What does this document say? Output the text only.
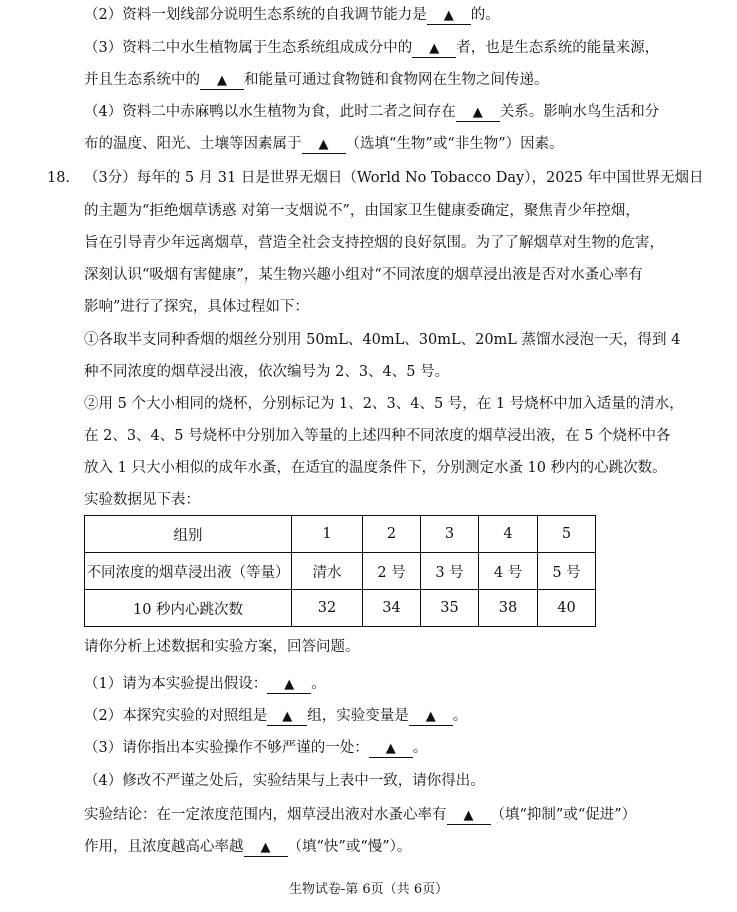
（2）资料一划线部分说明生态系统的自我调节能力是 ▲ 的。
（3）资料二中水生植物属于生态系统组成成分中的 ▲ 者，也是生态系统的能量来源，
并且生态系统中的 ▲ 和能量可通过食物链和食物网在生物之间传递。
（4）资料二中赤麻鸭以水生植物为食，此时二者之间存在 ▲ 关系。影响水鸟生活和分
布的温度、阳光、土壤等因素属于 ▲ （选填“生物”或“非生物”）因素。
18． （3分）每年的 5 月 31 日是世界无烟日（World No Tobacco Day），2025 年中国世界无烟日
的主题为“拒绝烟草诱惑 对第一支烟说不”，由国家卫生健康委确定，聚焦青少年控烟，
旨在引导青少年远离烟草，营造全社会支持控烟的良好氛围。为了了解烟草对生物的危害，
深刻认识“吸烟有害健康”，某生物兴趣小组对“不同浓度的烟草浸出液是否对水蚤心率有
影响”进行了探究，具体过程如下：
①各取半支同种香烟的烟丝分别用 50mL、40mL、30mL、20mL 蒸馏水浸泡一天，得到 4
种不同浓度的烟草浸出液，依次编号为 2、3、4、5 号。
②用 5 个大小相同的烧杯，分别标记为 1、2、3、4、5 号，在 1 号烧杯中加入适量的清水，
在 2、3、4、5 号烧杯中分别加入等量的上述四种不同浓度的烟草浸出液，在 5 个烧杯中各
放入 1 只大小相似的成年水蚤，在适宜的温度条件下，分别测定水蚤 10 秒内的心跳次数。
实验数据见下表：
组别	1	2	3	4	5
不同浓度的烟草浸出液（等量）	清水	2 号	3 号	4 号	5 号
10 秒内心跳次数	32	34	35	38	40
请你分析上述数据和实验方案，回答问题。
（1）请为本实验提出假设： ▲ 。
（2）本探究实验的对照组是 ▲ 组，实验变量是 ▲ 。
（3）请你指出本实验操作不够严谨的一处： ▲ 。
（4）修改不严谨之处后，实验结果与上表中一致，请你得出。
实验结论：在一定浓度范围内，烟草浸出液对水蚤心率有 ▲ （填“抑制”或“促进”）
作用，且浓度越高心率越 ▲ （填“快”或“慢”）。
生物试卷-第 6页（共 6页）
